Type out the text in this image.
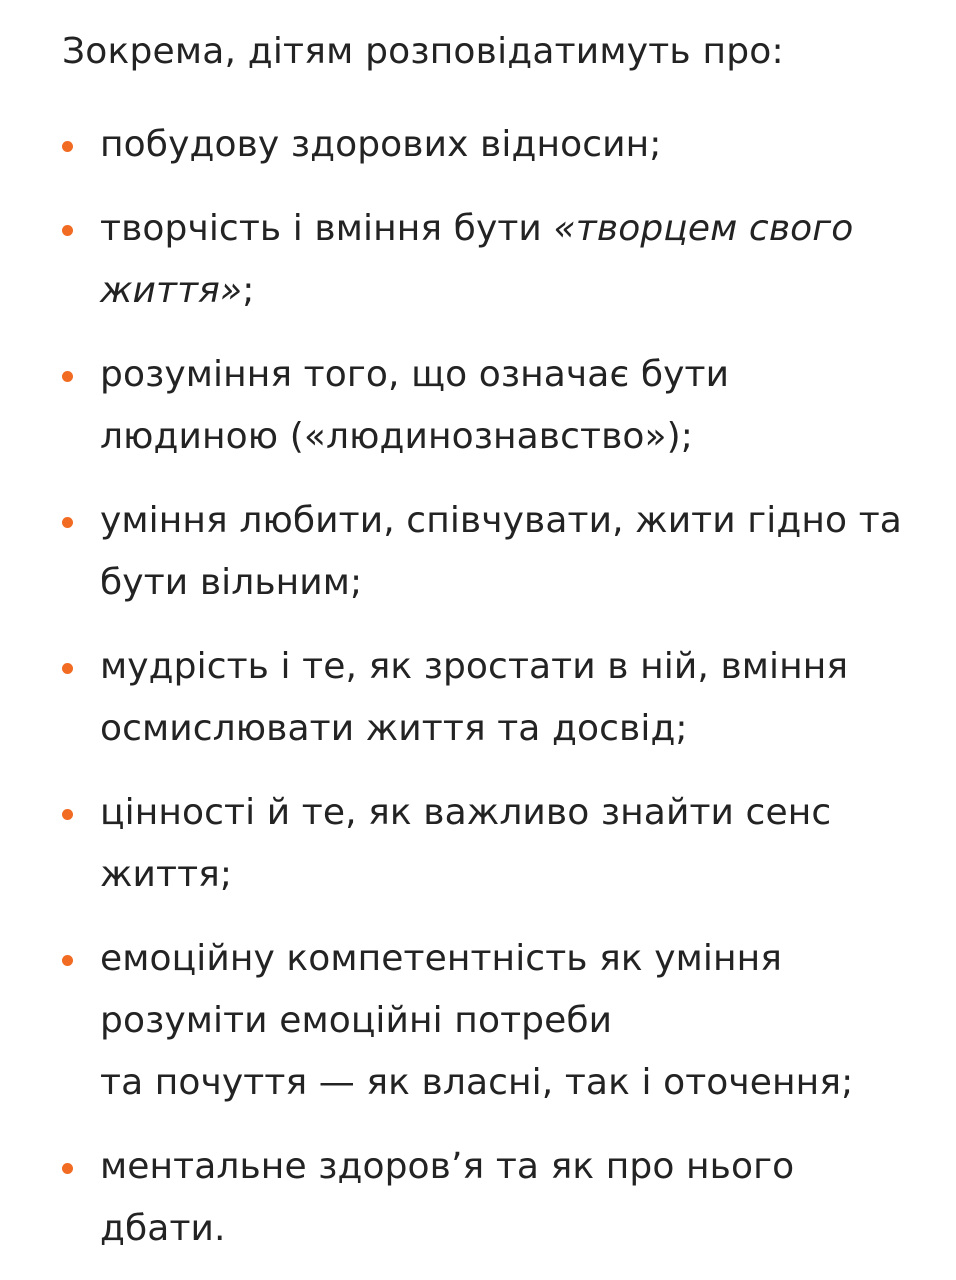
Зокрема, дітям розповідатимуть про:

побудову здорових відносин;
творчість і вміння бути «творцем свого життя»;
розуміння того, що означає бути людиною («людинознавство»);
уміння любити, співчувати, жити гідно та бути вільним;
мудрість і те, як зростати в ній, вміння осмислювати життя та досвід;
цінності й те, як важливо знайти сенс життя;
емоційну компетентність як уміння розуміти емоційні потреби
та почуття — як власні, так і оточення;
ментальне здоров’я та як про нього дбати.
